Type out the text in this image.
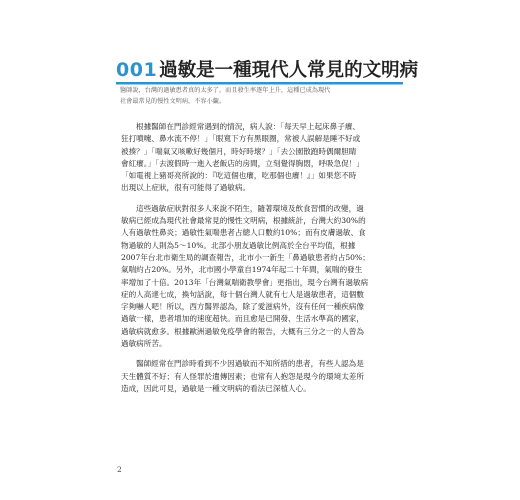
001 過敏是一種現代人常見的文明病
醫師說，台灣的過敏患者真的太多了，而且發生率逐年上升，這種已成為現代
社會最常見的慢性文明病，不容小覷。
根據醫師在門診經常遇到的情況，病人說：「每天早上起床鼻子癢、
狂打噴嚏、鼻水流不停！」「眼寬下方有黑眼圈，常被人誤解是睡不好或
被揍？」「喘氣又咳嗽好幾個月，時好時壞？」「去公園散跑時偶爾胆睛
會紅癢。」「去渡假時一進入老飯店的房間，立刻覺得胸悶，呼吸急促！」
「如電視上豬哥亮所說的：『吃這個也癢，吃那個也癢！』」如果您不時
出現以上症狀，很有可能得了過敏病。
這些過敏症狀對很多人來說不陌生，隨著環境及飲食習慣的改變，過
敏病已經成為現代社會最常見的慢性文明病，根據統計，台灣大約30%的
人有過敏性鼻炎；過敏性氣喘患者占總人口數約10%；而有皮膚過敏、食
物過敏的人則為5～10%。北部小朋友過敏比例高於全台平均值，根據
2007年台北市衛生局的調查報告，北市小一新生「鼻過敏患者約占50%；
氣喘約占20%。另外，北市國小學童自1974年起二十年間，氣喘的發生
率增加了十倍。2013年「台灣氣喘衛教學會」更指出，現今台灣有過敏病
症的人高達七成，換句話說，每十個台灣人就有七人是過敏患者，這個數
字夠嚇人吧！所以，西方醫界認為，除了愛滋病外，沒有任何一種疾病像
過敏一樣，患者增加的速度超快。而且愈是已開發、生活水準高的國家，
過敏病就愈多。根據歐洲過敏免疫學會的報告，大概有三分之一的人曾為
過敏病所苦。
醫師經常在門診時看到不少因過敏而不知所措的患者，有些人認為是
天生體質不好；有人怪罪於遺傳因素；也常有人抱怨是現今的環境太差所
造成，因此可見，過敏是一種文明病的看法已深植人心。
2
